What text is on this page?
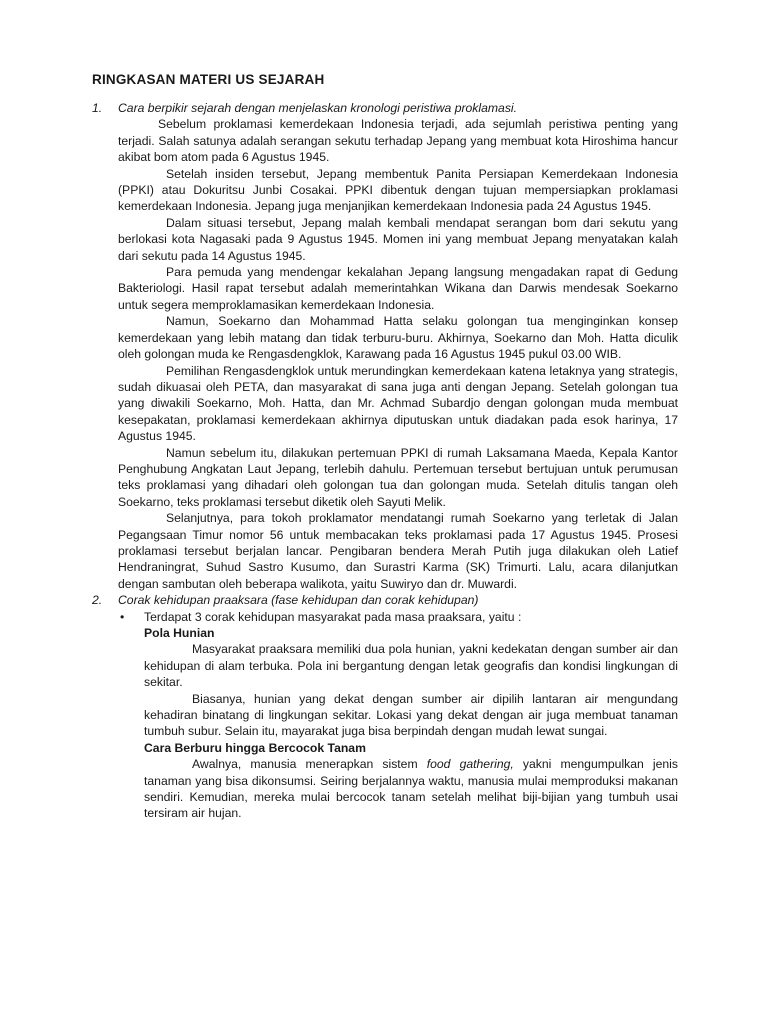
RINGKASAN MATERI US SEJARAH
1. Cara berpikir sejarah dengan menjelaskan kronologi peristiwa proklamasi.

Sebelum proklamasi kemerdekaan Indonesia terjadi, ada sejumlah peristiwa penting yang terjadi. Salah satunya adalah serangan sekutu terhadap Jepang yang membuat kota Hiroshima hancur akibat bom atom pada 6 Agustus 1945.

Setelah insiden tersebut, Jepang membentuk Panita Persiapan Kemerdekaan Indonesia (PPKI) atau Dokuritsu Junbi Cosakai. PPKI dibentuk dengan tujuan mempersiapkan proklamasi kemerdekaan Indonesia. Jepang juga menjanjikan kemerdekaan Indonesia pada 24 Agustus 1945.

Dalam situasi tersebut, Jepang malah kembali mendapat serangan bom dari sekutu yang berlokasi kota Nagasaki pada 9 Agustus 1945. Momen ini yang membuat Jepang menyatakan kalah dari sekutu pada 14 Agustus 1945.

Para pemuda yang mendengar kekalahan Jepang langsung mengadakan rapat di Gedung Bakteriologi. Hasil rapat tersebut adalah memerintahkan Wikana dan Darwis mendesak Soekarno untuk segera memproklamasikan kemerdekaan Indonesia.

Namun, Soekarno dan Mohammad Hatta selaku golongan tua menginginkan konsep kemerdekaan yang lebih matang dan tidak terburu-buru. Akhirnya, Soekarno dan Moh. Hatta diculik oleh golongan muda ke Rengasdengklok, Karawang pada 16 Agustus 1945 pukul 03.00 WIB.

Pemilihan Rengasdengklok untuk merundingkan kemerdekaan katena letaknya yang strategis, sudah dikuasai oleh PETA, dan masyarakat di sana juga anti dengan Jepang. Setelah golongan tua yang diwakili Soekarno, Moh. Hatta, dan Mr. Achmad Subardjo dengan golongan muda membuat kesepakatan, proklamasi kemerdekaan akhirnya diputuskan untuk diadakan pada esok harinya, 17 Agustus 1945.

Namun sebelum itu, dilakukan pertemuan PPKI di rumah Laksamana Maeda, Kepala Kantor Penghubung Angkatan Laut Jepang, terlebih dahulu. Pertemuan tersebut bertujuan untuk perumusan teks proklamasi yang dihadari oleh golongan tua dan golongan muda. Setelah ditulis tangan oleh Soekarno, teks proklamasi tersebut diketik oleh Sayuti Melik.

Selanjutnya, para tokoh proklamator mendatangi rumah Soekarno yang terletak di Jalan Pegangsaan Timur nomor 56 untuk membacakan teks proklamasi pada 17 Agustus 1945. Prosesi proklamasi tersebut berjalan lancar. Pengibaran bendera Merah Putih juga dilakukan oleh Latief Hendraningrat, Suhud Sastro Kusumo, dan Surastri Karma (SK) Trimurti. Lalu, acara dilanjutkan dengan sambutan oleh beberapa walikota, yaitu Suwiryo dan dr. Muwardi.

2. Corak kehidupan praaksara (fase kehidupan dan corak kehidupan)
• Terdapat 3 corak kehidupan masyarakat pada masa praaksara, yaitu :

Pola Hunian

Masyarakat praaksara memiliki dua pola hunian, yakni kedekatan dengan sumber air dan kehidupan di alam terbuka. Pola ini bergantung dengan letak geografis dan kondisi lingkungan di sekitar.

Biasanya, hunian yang dekat dengan sumber air dipilih lantaran air mengundang kehadiran binatang di lingkungan sekitar. Lokasi yang dekat dengan air juga membuat tanaman tumbuh subur. Selain itu, mayarakat juga bisa berpindah dengan mudah lewat sungai.

Cara Berburu hingga Bercocok Tanam

Awalnya, manusia menerapkan sistem food gathering, yakni mengumpulkan jenis tanaman yang bisa dikonsumsi. Seiring berjalannya waktu, manusia mulai memproduksi makanan sendiri. Kemudian, mereka mulai bercocok tanam setelah melihat biji-bijian yang tumbuh usai tersiram air hujan.
